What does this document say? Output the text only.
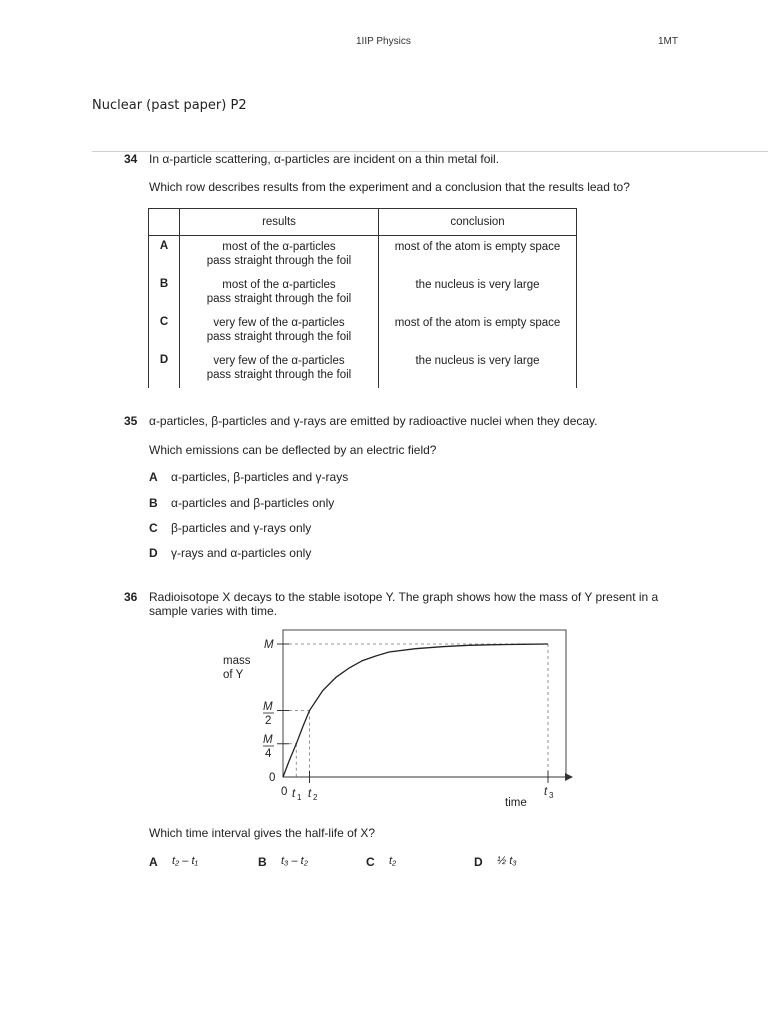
1IIP Physics	1MT
Nuclear (past paper) P2
34 In α-particle scattering, α-particles are incident on a thin metal foil.
Which row describes results from the experiment and a conclusion that the results lead to?
	results	conclusion
A	most of the α-particles
pass straight through the foil	most of the atom is empty space
B	most of the α-particles
pass straight through the foil	the nucleus is very large
C	very few of the α-particles
pass straight through the foil	most of the atom is empty space
D	very few of the α-particles
pass straight through the foil	the nucleus is very large
35 α-particles, β-particles and γ-rays are emitted by radioactive nuclei when they decay.
Which emissions can be deflected by an electric field?
A α-particles, β-particles and γ-rays
B α-particles and β-particles only
C β-particles and γ-rays only
D γ-rays and α-particles only
36 Radioisotope X decays to the stable isotope Y. The graph shows how the mass of Y present in a
sample varies with time.
mass
of Y
M
M
2
M
4
0
0 t 1 t 2	t 3
time
Which time interval gives the half-life of X?
A t₂ – t₁	B t₃ – t₂	C t₂	D ½ t₃
